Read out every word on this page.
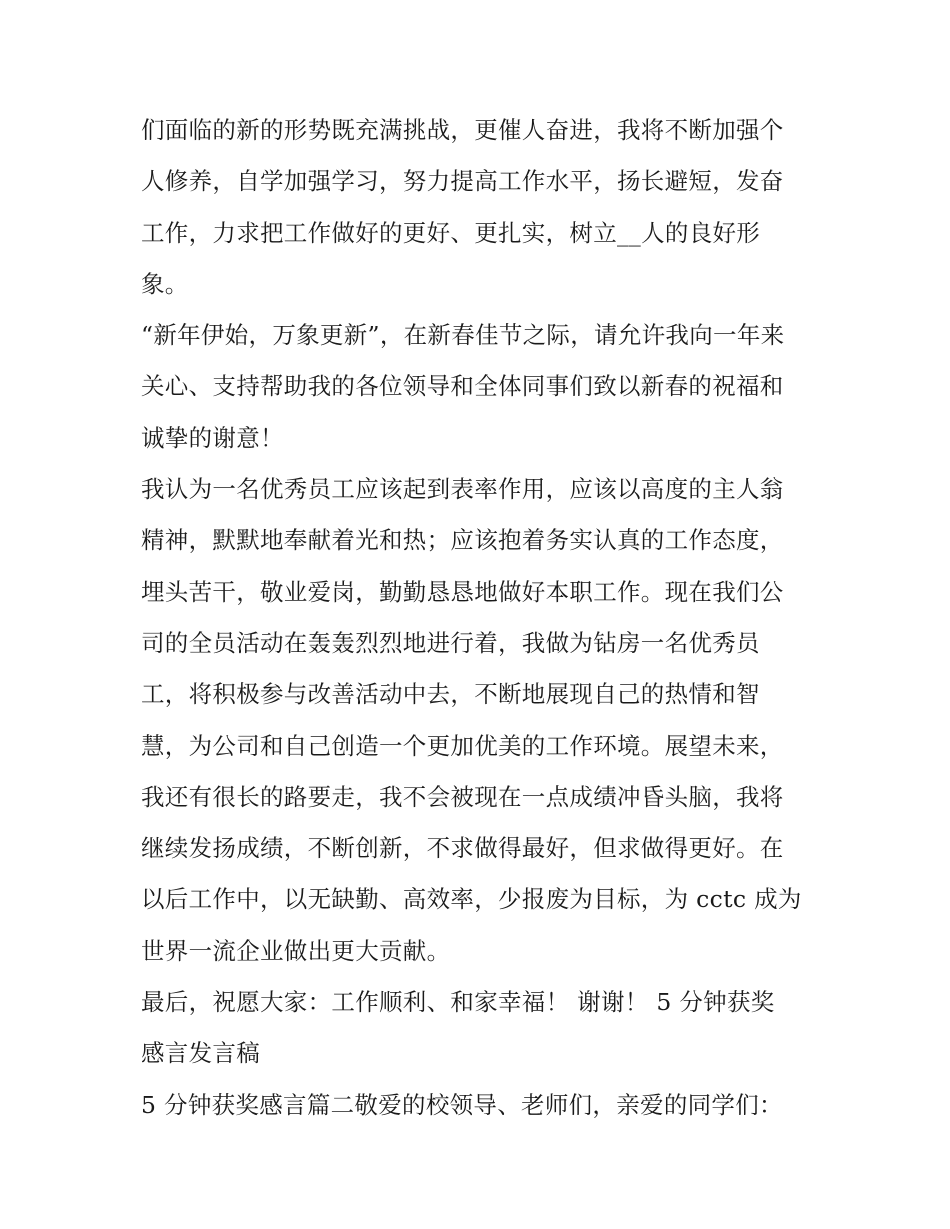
们面临的新的形势既充满挑战，更催人奋进，我将不断加强个
人修养，自学加强学习，努力提高工作水平，扬长避短，发奋
工作，力求把工作做好的更好、更扎实，树立__人的良好形
象。
“新年伊始，万象更新”，在新春佳节之际，请允许我向一年来
关心、支持帮助我的各位领导和全体同事们致以新春的祝福和
诚挚的谢意！
我认为一名优秀员工应该起到表率作用，应该以高度的主人翁
精神，默默地奉献着光和热；应该抱着务实认真的工作态度，
埋头苦干，敬业爱岗，勤勤恳恳地做好本职工作。现在我们公
司的全员活动在轰轰烈烈地进行着，我做为钻房一名优秀员
工，将积极参与改善活动中去，不断地展现自己的热情和智
慧，为公司和自己创造一个更加优美的工作环境。展望未来，
我还有很长的路要走，我不会被现在一点成绩冲昏头脑，我将
继续发扬成绩，不断创新，不求做得最好，但求做得更好。在
以后工作中，以无缺勤、高效率，少报废为目标，为 cctc 成为
世界一流企业做出更大贡献。
最后，祝愿大家：工作顺利、和家幸福！ 谢谢！ 5 分钟获奖
感言发言稿
5 分钟获奖感言篇二敬爱的校领导、老师们，亲爱的同学们：
